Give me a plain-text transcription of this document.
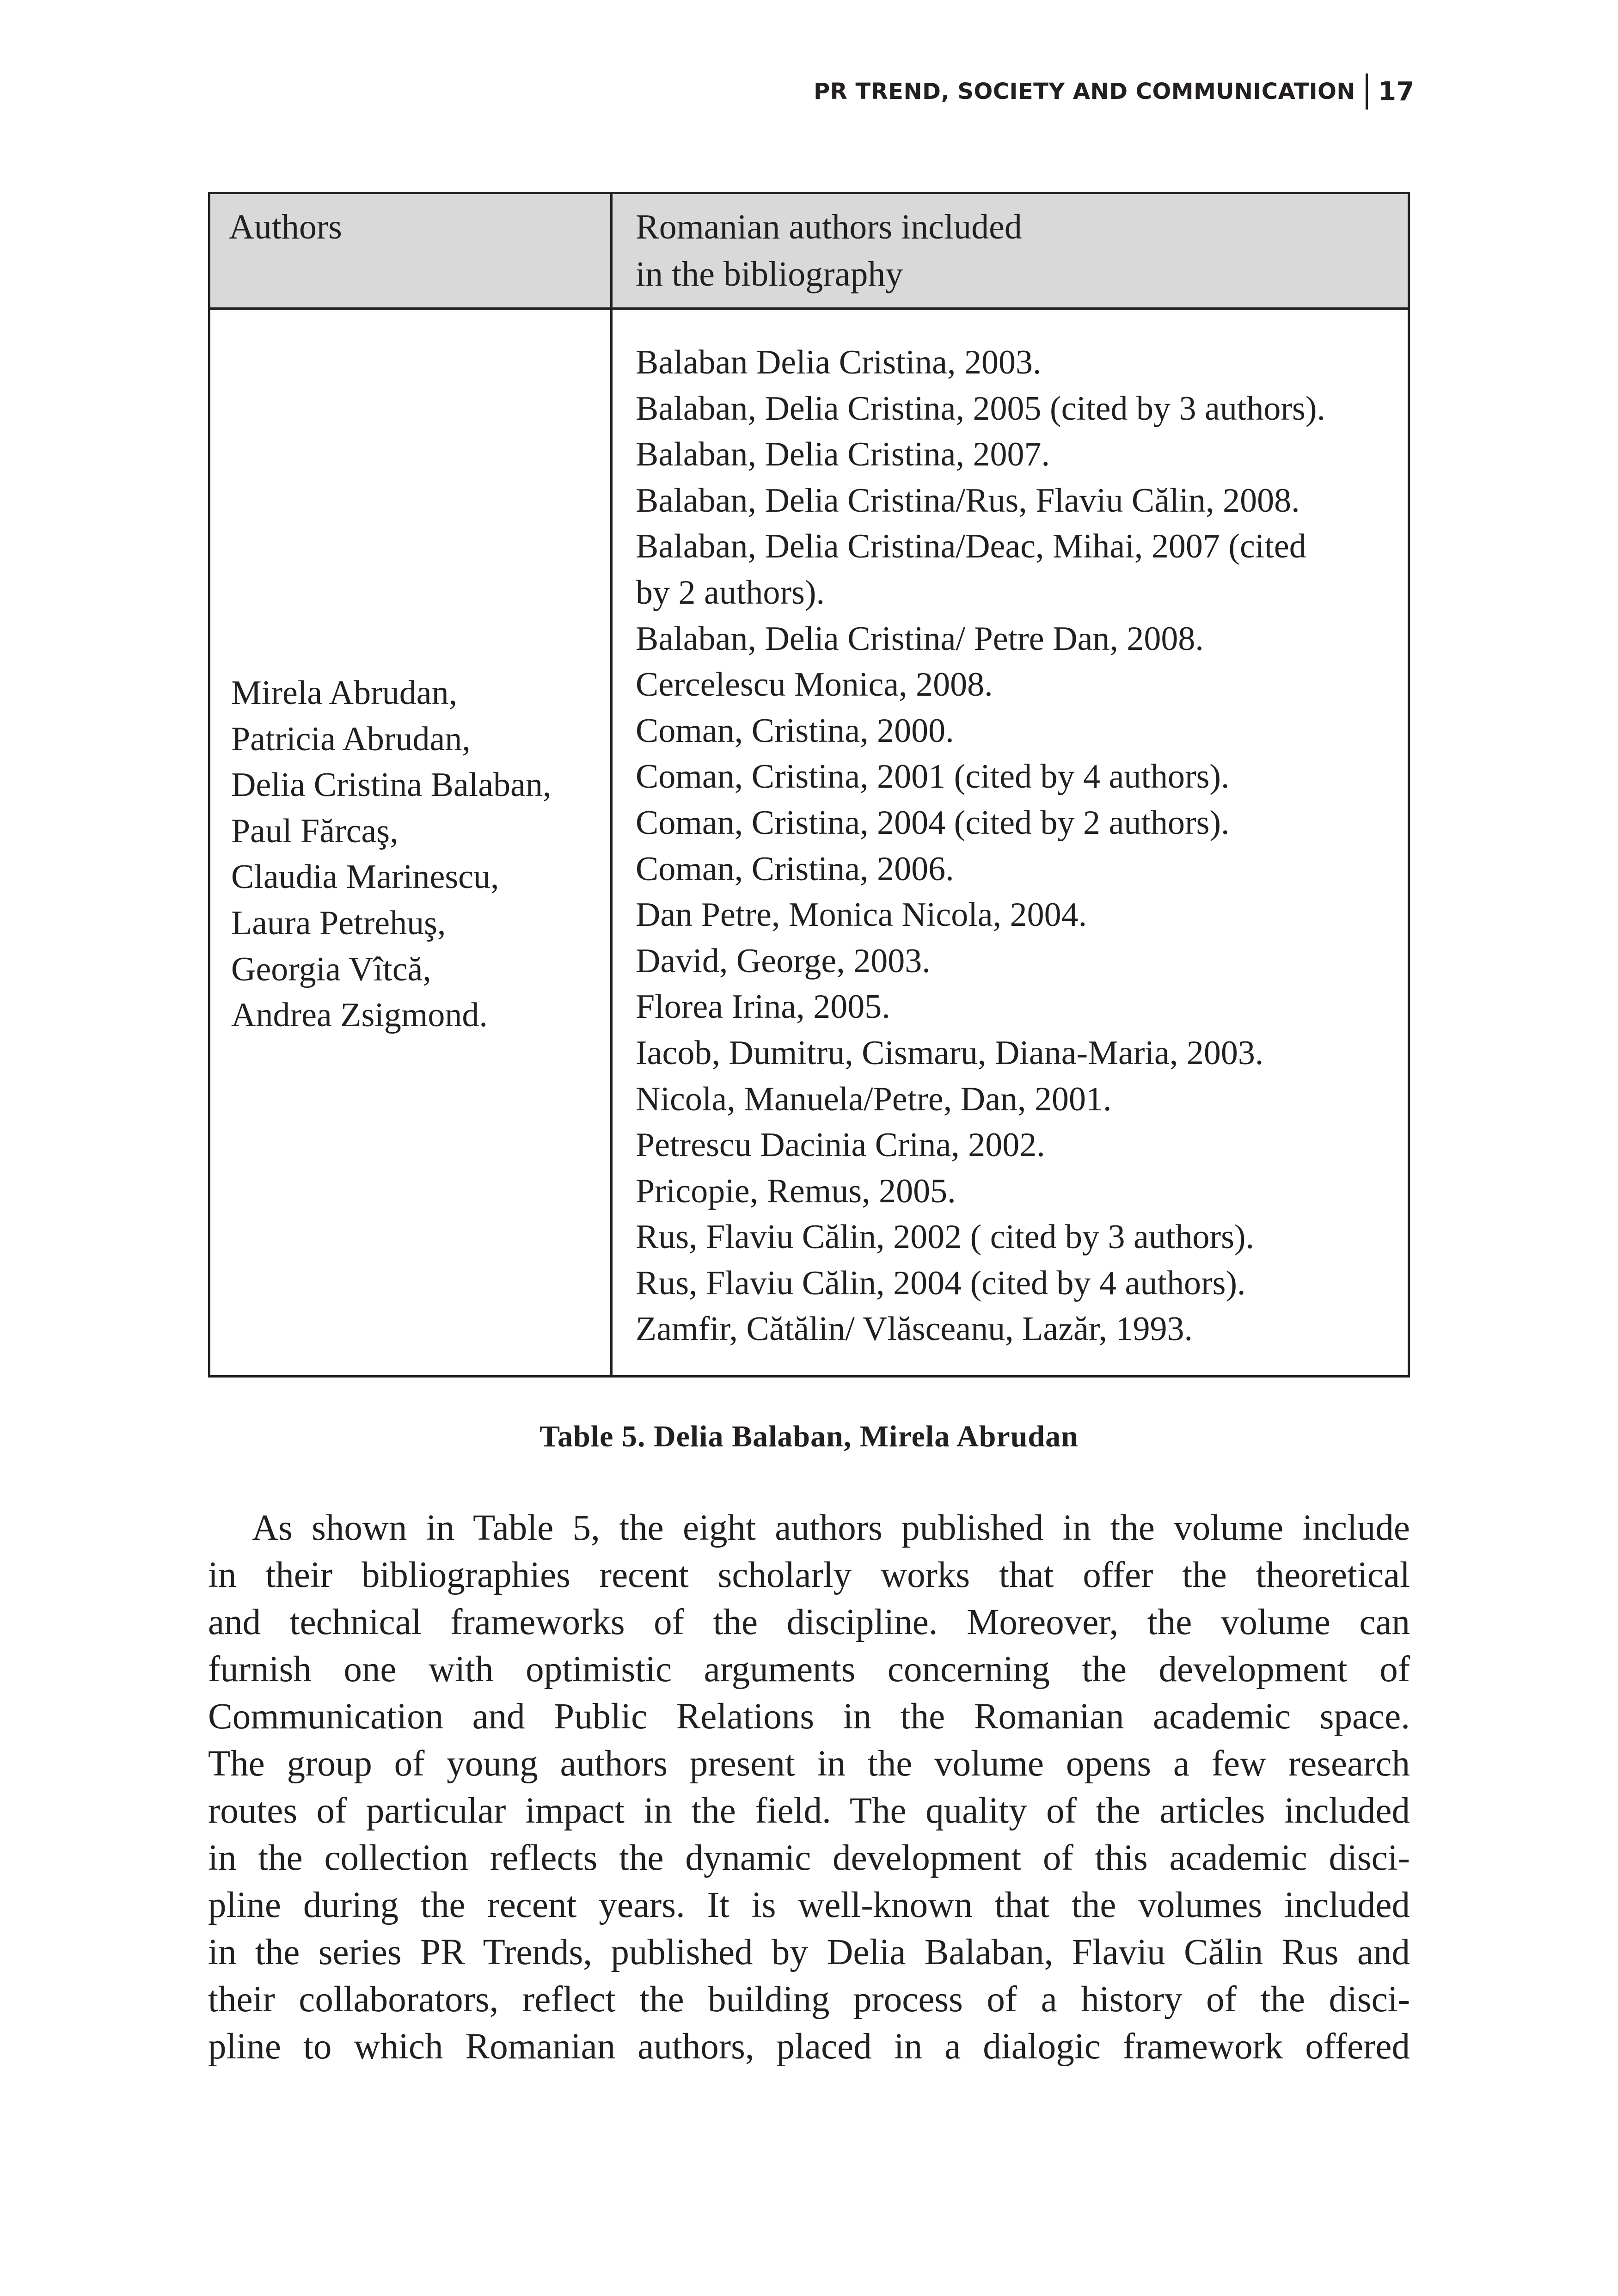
PR TREND, SOCIETY AND COMMUNICATION 17
Authors	Romanian authors included
in the bibliography
Mirela Abrudan,
Patricia Abrudan,
Delia Cristina Balaban,
Paul Fărcaş,
Claudia Marinescu,
Laura Petrehuş,
Georgia Vîtcă,
Andrea Zsigmond.
Balaban Delia Cristina, 2003.
Balaban, Delia Cristina, 2005 (cited by 3 authors).
Balaban, Delia Cristina, 2007.
Balaban, Delia Cristina/Rus, Flaviu Călin, 2008.
Balaban, Delia Cristina/Deac, Mihai, 2007 (cited
by 2 authors).
Balaban, Delia Cristina/ Petre Dan, 2008.
Cercelescu Monica, 2008.
Coman, Cristina, 2000.
Coman, Cristina, 2001 (cited by 4 authors).
Coman, Cristina, 2004 (cited by 2 authors).
Coman, Cristina, 2006.
Dan Petre, Monica Nicola, 2004.
David, George, 2003.
Florea Irina, 2005.
Iacob, Dumitru, Cismaru, Diana-Maria, 2003.
Nicola, Manuela/Petre, Dan, 2001.
Petrescu Dacinia Crina, 2002.
Pricopie, Remus, 2005.
Rus, Flaviu Călin, 2002 ( cited by 3 authors).
Rus, Flaviu Călin, 2004 (cited by 4 authors).
Zamfir, Cătălin/ Vlăsceanu, Lazăr, 1993.
Table 5. Delia Balaban, Mirela Abrudan
As shown in Table 5, the eight authors published in the volume include
in their bibliographies recent scholarly works that offer the theoretical
and technical frameworks of the discipline. Moreover, the volume can
furnish one with optimistic arguments concerning the development of
Communication and Public Relations in the Romanian academic space.
The group of young authors present in the volume opens a few research
routes of particular impact in the field. The quality of the articles included
in the collection reflects the dynamic development of this academic disci-
pline during the recent years. It is well-known that the volumes included
in the series PR Trends, published by Delia Balaban, Flaviu Călin Rus and
their collaborators, reflect the building process of a history of the disci-
pline to which Romanian authors, placed in a dialogic framework offered
